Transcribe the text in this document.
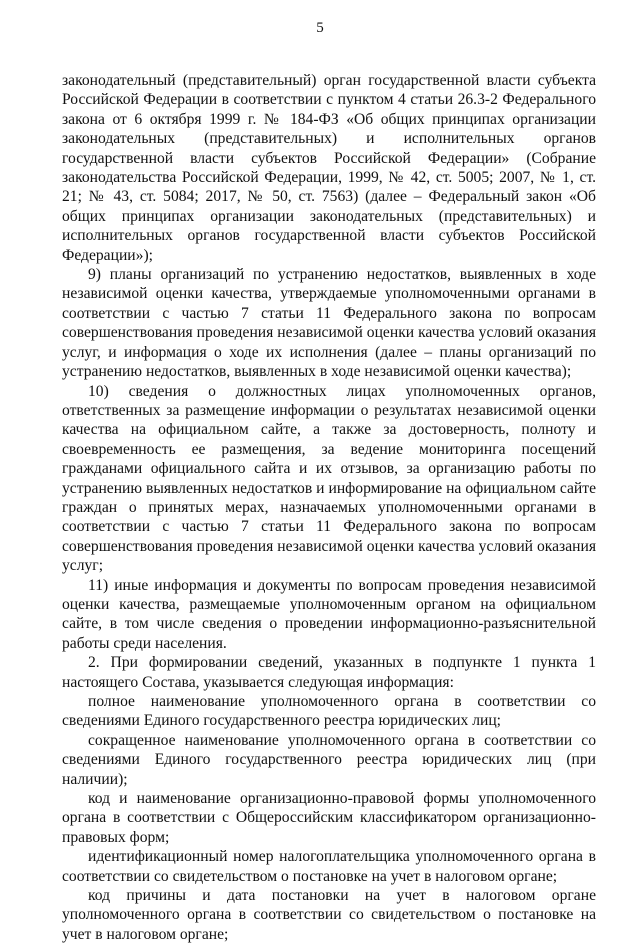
5

законодательный (представительный) орган государственной власти субъекта Российской Федерации в соответствии с пунктом 4 статьи 26.3-2 Федерального закона от 6 октября 1999 г. № 184-ФЗ «Об общих принципах организации законодательных (представительных) и исполнительных органов государственной власти субъектов Российской Федерации» (Собрание законодательства Российской Федерации, 1999, № 42, ст. 5005; 2007, № 1, ст. 21; № 43, ст. 5084; 2017, № 50, ст. 7563) (далее – Федеральный закон «Об общих принципах организации законодательных (представительных) и исполнительных органов государственной власти субъектов Российской Федерации»);

9) планы организаций по устранению недостатков, выявленных в ходе независимой оценки качества, утверждаемые уполномоченными органами в соответствии с частью 7 статьи 11 Федерального закона по вопросам совершенствования проведения независимой оценки качества условий оказания услуг, и информация о ходе их исполнения (далее – планы организаций по устранению недостатков, выявленных в ходе независимой оценки качества);

10) сведения о должностных лицах уполномоченных органов, ответственных за размещение информации о результатах независимой оценки качества на официальном сайте, а также за достоверность, полноту и своевременность ее размещения, за ведение мониторинга посещений гражданами официального сайта и их отзывов, за организацию работы по устранению выявленных недостатков и информирование на официальном сайте граждан о принятых мерах, назначаемых уполномоченными органами в соответствии с частью 7 статьи 11 Федерального закона по вопросам совершенствования проведения независимой оценки качества условий оказания услуг;

11) иные информация и документы по вопросам проведения независимой оценки качества, размещаемые уполномоченным органом на официальном сайте, в том числе сведения о проведении информационно-разъяснительной работы среди населения.

2. При формировании сведений, указанных в подпункте 1 пункта 1 настоящего Состава, указывается следующая информация:

полное наименование уполномоченного органа в соответствии со сведениями Единого государственного реестра юридических лиц;

сокращенное наименование уполномоченного органа в соответствии со сведениями Единого государственного реестра юридических лиц (при наличии);

код и наименование организационно-правовой формы уполномоченного органа в соответствии с Общероссийским классификатором организационно-правовых форм;

идентификационный номер налогоплательщика уполномоченного органа в соответствии со свидетельством о постановке на учет в налоговом органе;

код причины и дата постановки на учет в налоговом органе уполномоченного органа в соответствии со свидетельством о постановке на учет в налоговом органе;
